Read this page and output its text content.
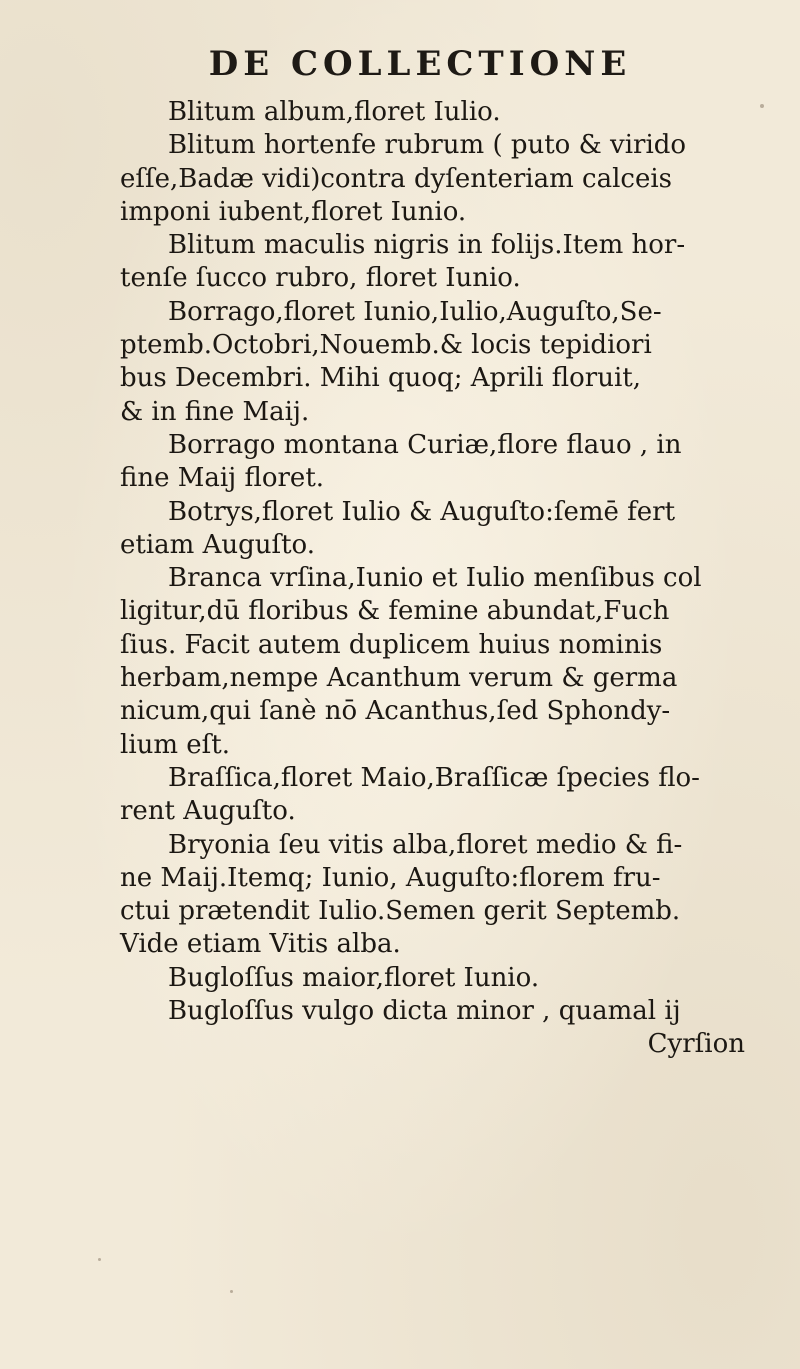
DE COLLECTIONE
Blitum album,floret Iulio.
Blitum hortenfe rubrum ( puto & virido
eſſe,Badæ vidi)contra dyſenteriam calceis
imponi iubent,floret Iunio.
Blitum maculis nigris in folijs.Item hor-
tenſe ſucco rubro, floret Iunio.
Borrago,floret Iunio,Iulio,Auguſto,Se-
ptemb.Octobri,Nouemb.& locis tepidiori
bus Decembri. Mihi quoq; Aprili floruit,
& in fine Maij.
Borrago montana Curiæ,flore flauo , in
fine Maij floret.
Botrys,floret Iulio & Auguſto:ſemē fert
etiam Auguſto.
Branca vrſina,Iunio et Iulio menſibus col
ligitur,dū floribus & femine abundat,Fuch
ſius. Facit autem duplicem huius nominis
herbam,nempe Acanthum verum & germa
nicum,qui ſanè nō Acanthus,ſed Sphondy-
lium eſt.
Braſſica,floret Maio,Braſſicæ ſpecies flo-
rent Auguſto.
Bryonia ſeu vitis alba,floret medio & fi-
ne Maij.Itemq; Iunio, Auguſto:florem fru-
ctui prætendit Iulio.Semen gerit Septemb.
Vide etiam Vitis alba.
Bugloſſus maior,floret Iunio.
Bugloſſus vulgo dicta minor , quamal ij
Cyrſion
